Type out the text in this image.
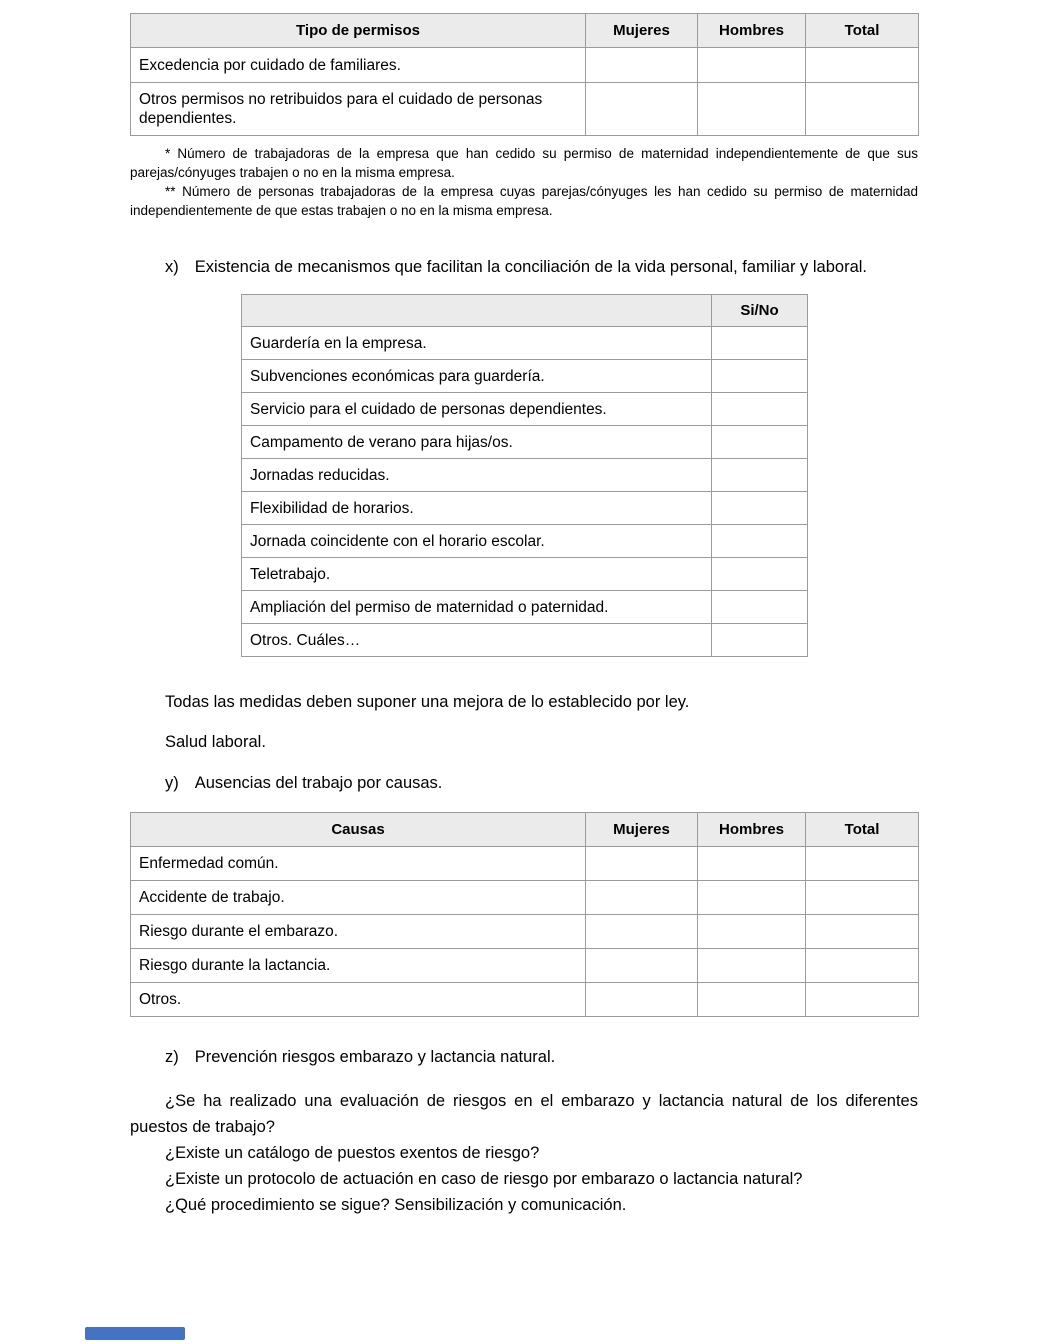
Tipo de permisos	Mujeres	Hombres	Total
Excedencia por cuidado de familiares.			
Otros permisos no retribuidos para el cuidado de personas dependientes.			

* Número de trabajadoras de la empresa que han cedido su permiso de maternidad independientemente de que sus parejas/cónyuges trabajen o no en la misma empresa.

** Número de personas trabajadoras de la empresa cuyas parejas/cónyuges les han cedido su permiso de maternidad independientemente de que estas trabajen o no en la misma empresa.

x) Existencia de mecanismos que facilitan la conciliación de la vida personal, familiar y laboral.

	Si/No
Guardería en la empresa.	
Subvenciones económicas para guardería.	
Servicio para el cuidado de personas dependientes.	
Campamento de verano para hijas/os.	
Jornadas reducidas.	
Flexibilidad de horarios.	
Jornada coincidente con el horario escolar.	
Teletrabajo.	
Ampliación del permiso de maternidad o paternidad.	
Otros. Cuáles…	

Todas las medidas deben suponer una mejora de lo establecido por ley.

Salud laboral.

y) Ausencias del trabajo por causas.

Causas	Mujeres	Hombres	Total
Enfermedad común.			
Accidente de trabajo.			
Riesgo durante el embarazo.			
Riesgo durante la lactancia.			
Otros.			

z) Prevención riesgos embarazo y lactancia natural.

¿Se ha realizado una evaluación de riesgos en el embarazo y lactancia natural de los diferentes puestos de trabajo?

¿Existe un catálogo de puestos exentos de riesgo?

¿Existe un protocolo de actuación en caso de riesgo por embarazo o lactancia natural?

¿Qué procedimiento se sigue? Sensibilización y comunicación.
